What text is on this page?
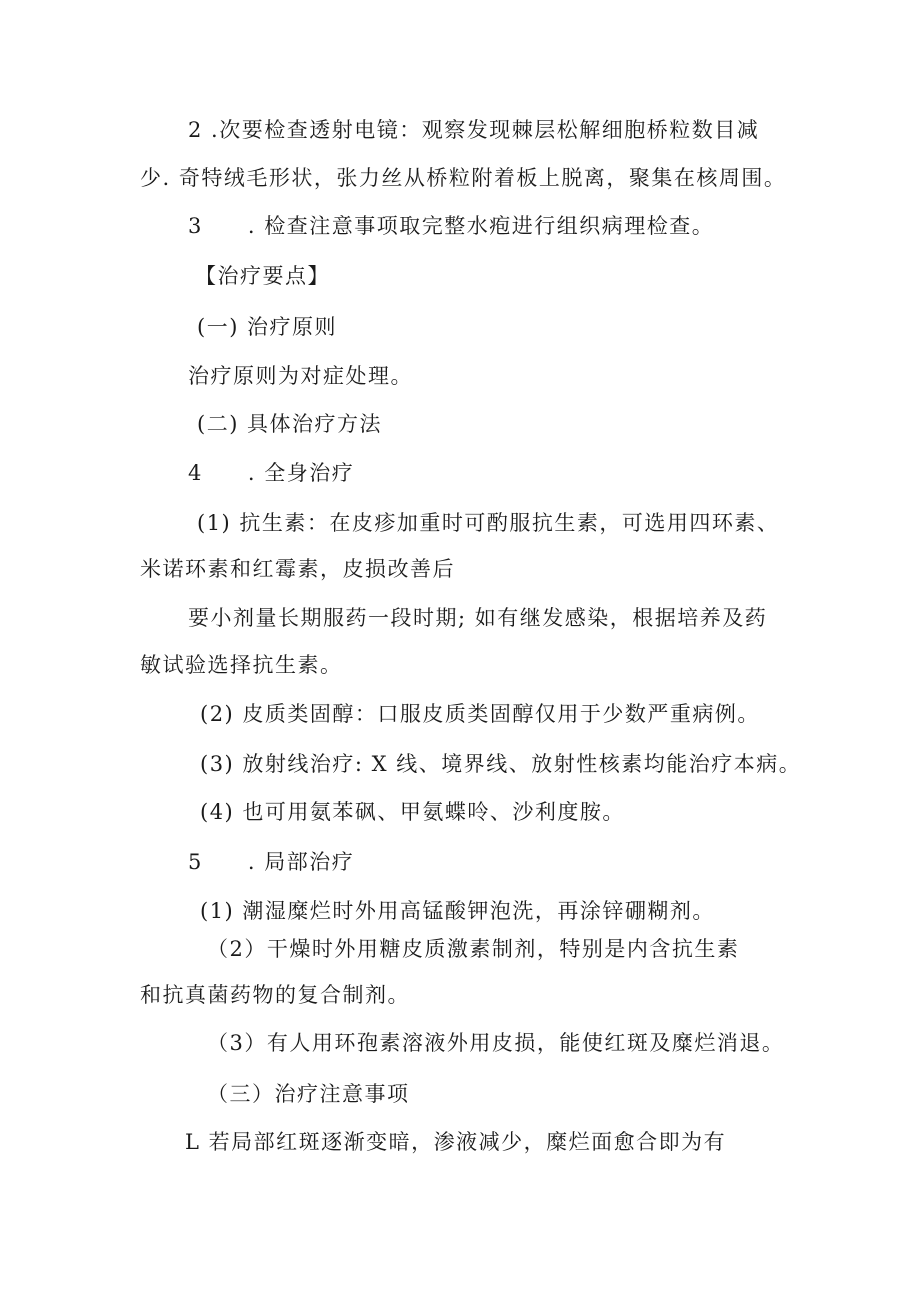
2 .次要检查透射电镜：观察发现棘层松解细胞桥粒数目减
少. 奇特绒毛形状，张力丝从桥粒附着板上脱离，聚集在核周围。
3　　. 检查注意事项取完整水疱进行组织病理检查。
【治疗要点】
(一) 治疗原则
治疗原则为对症处理。
(二) 具体治疗方法
4　　. 全身治疗
(1) 抗生素：在皮疹加重时可酌服抗生素，可选用四环素、
米诺环素和红霉素，皮损改善后
要小剂量长期服药一段时期; 如有继发感染，根据培养及药
敏试验选择抗生素。
(2) 皮质类固醇：口服皮质类固醇仅用于少数严重病例。
(3) 放射线治疗: X 线、境界线、放射性核素均能治疗本病。
(4) 也可用氨苯砜、甲氨蝶呤、沙利度胺。
5　　. 局部治疗
(1) 潮湿糜烂时外用高锰酸钾泡洗，再涂锌硼糊剂。
（2）干燥时外用糖皮质激素制剂，特别是内含抗生素
和抗真菌药物的复合制剂。
（3）有人用环孢素溶液外用皮损，能使红斑及糜烂消退。
（三）治疗注意事项
L 若局部红斑逐渐变暗，渗液减少，糜烂面愈合即为有
